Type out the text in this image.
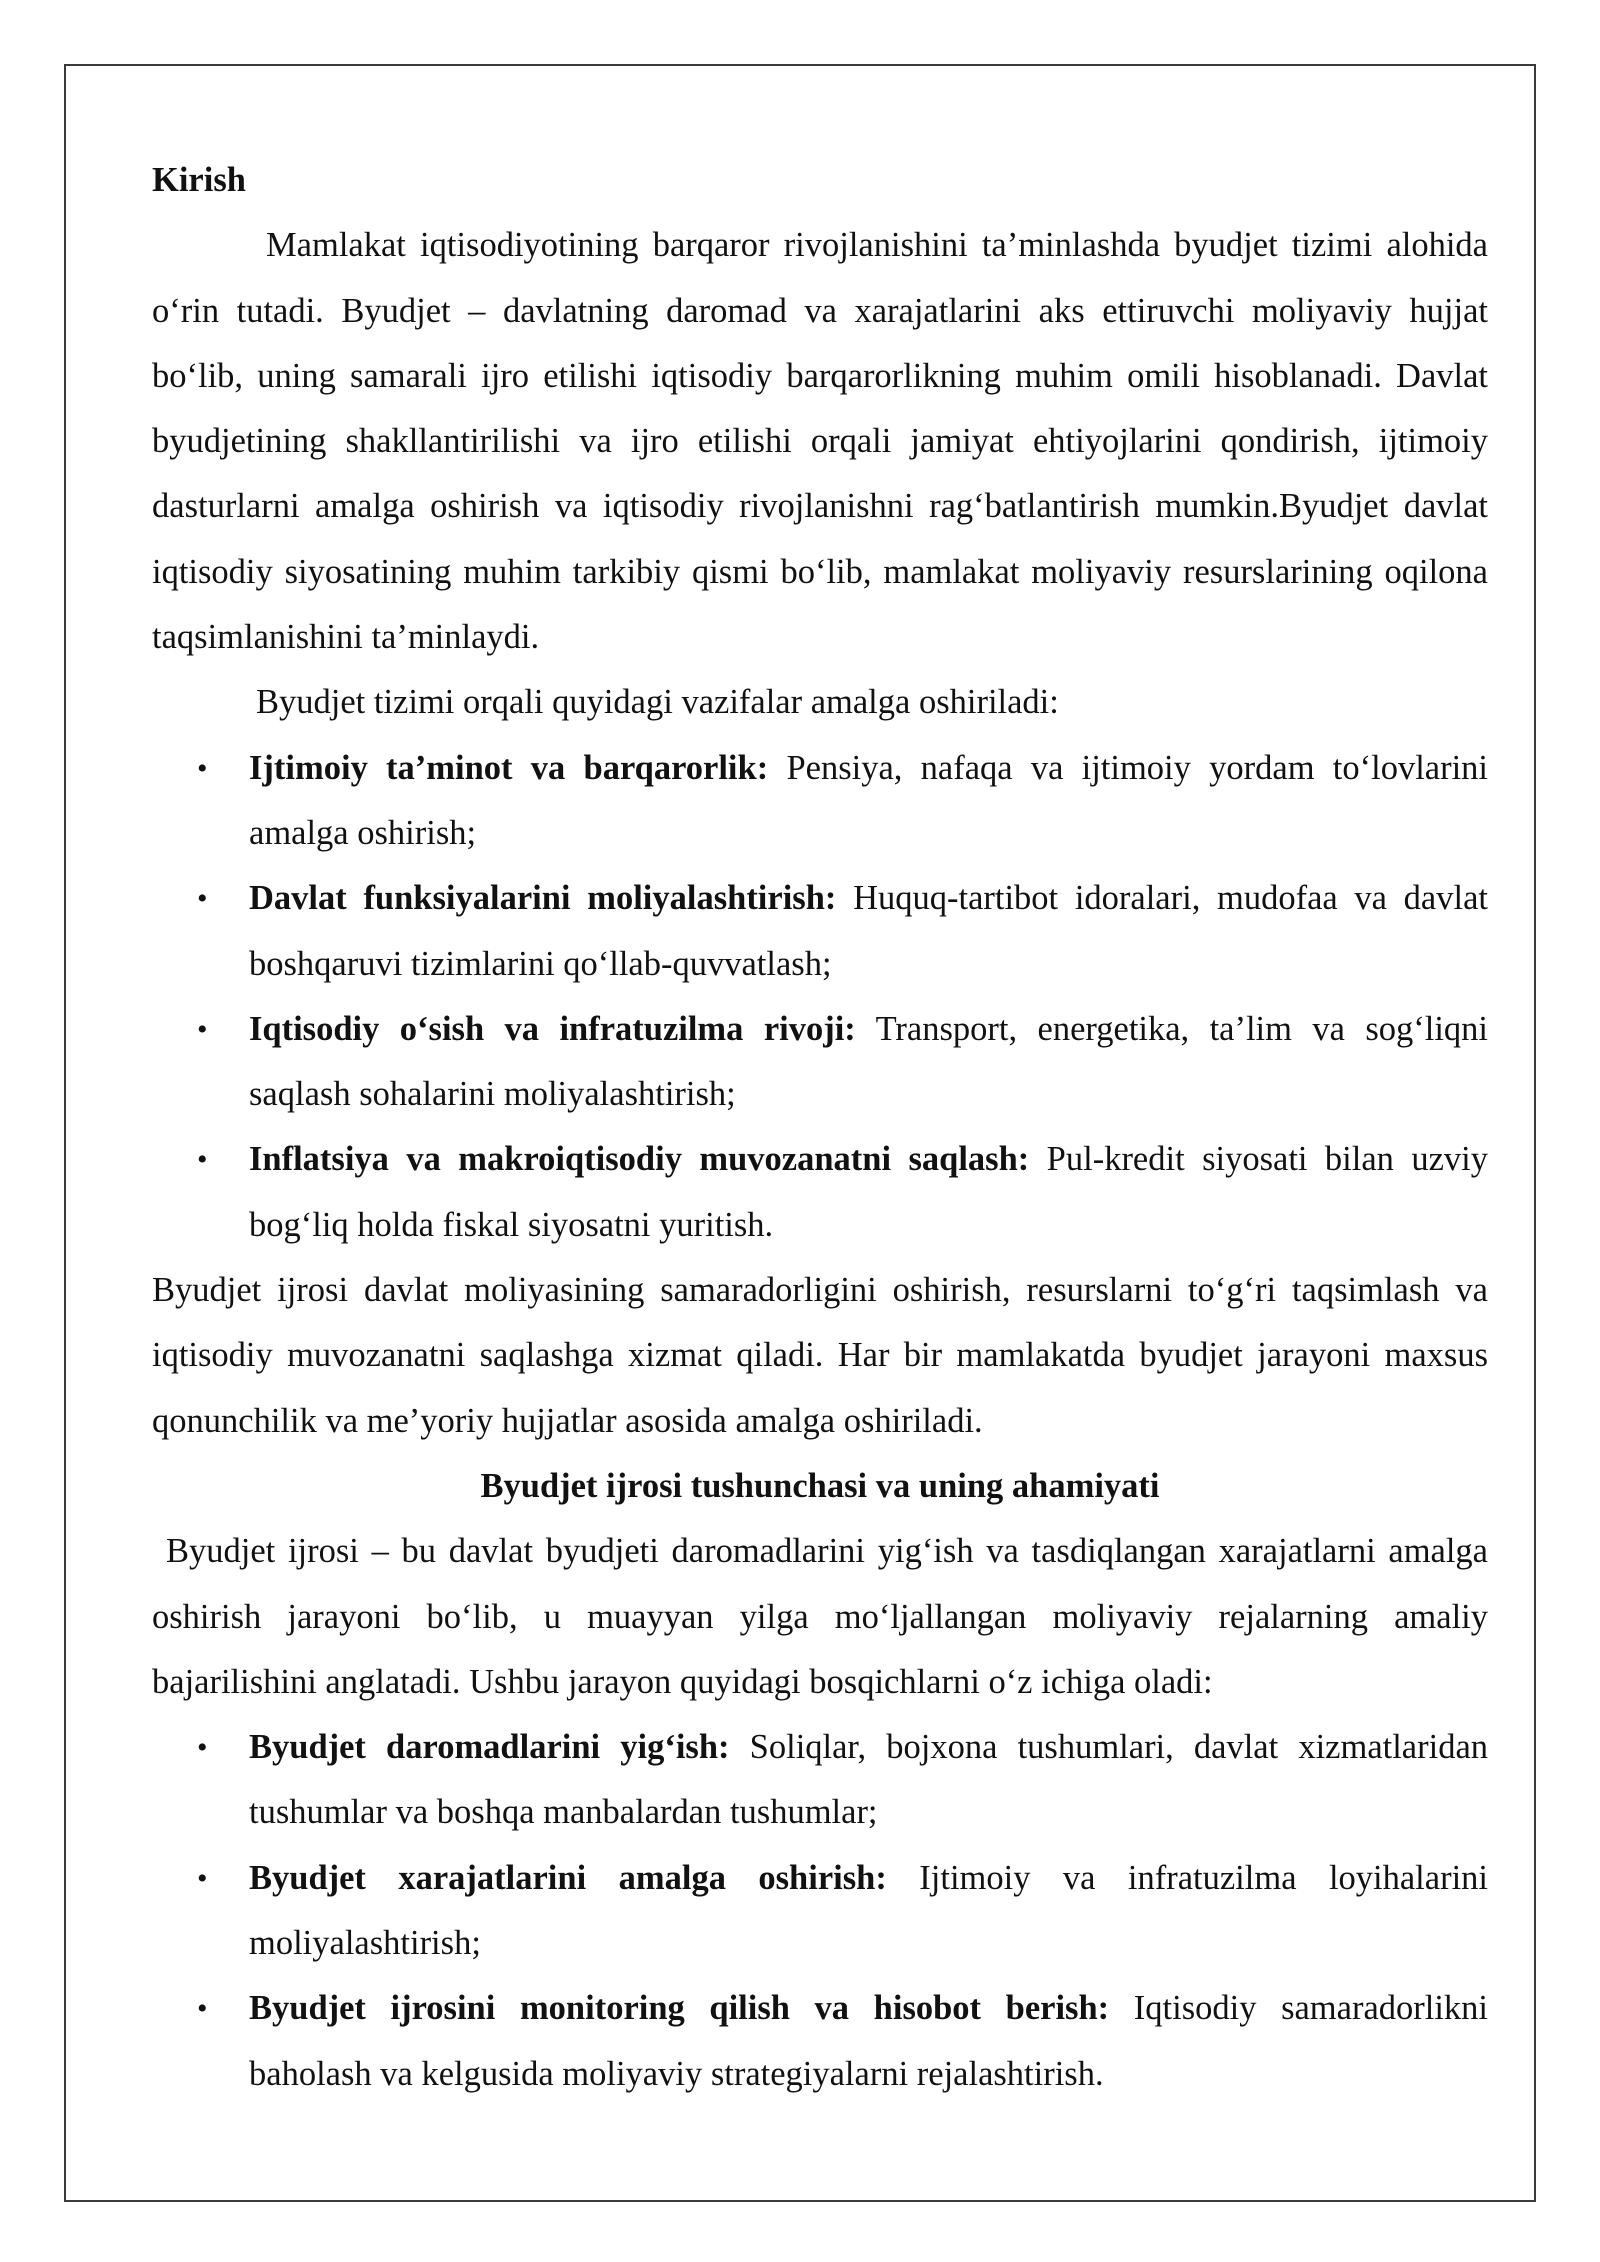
Kirish

Mamlakat iqtisodiyotining barqaror rivojlanishini ta’minlashda byudjet tizimi alohida o‘rin tutadi. Byudjet – davlatning daromad va xarajatlarini aks ettiruvchi moliyaviy hujjat bo‘lib, uning samarali ijro etilishi iqtisodiy barqarorlikning muhim omili hisoblanadi. Davlat byudjetining shakllantirilishi va ijro etilishi orqali jamiyat ehtiyojlarini qondirish, ijtimoiy dasturlarni amalga oshirish va iqtisodiy rivojlanishni rag‘batlantirish mumkin.Byudjet davlat iqtisodiy siyosatining muhim tarkibiy qismi bo‘lib, mamlakat moliyaviy resurslarining oqilona taqsimlanishini ta’minlaydi.

Byudjet tizimi orqali quyidagi vazifalar amalga oshiriladi:

• Ijtimoiy ta’minot va barqarorlik: Pensiya, nafaqa va ijtimoiy yordam to‘lovlarini amalga oshirish;
• Davlat funksiyalarini moliyalashtirish: Huquq-tartibot idoralari, mudofaa va davlat boshqaruvi tizimlarini qo‘llab-quvvatlash;
• Iqtisodiy o‘sish va infratuzilma rivoji: Transport, energetika, ta’lim va sog‘liqni saqlash sohalarini moliyalashtirish;
• Inflatsiya va makroiqtisodiy muvozanatni saqlash: Pul-kredit siyosati bilan uzviy bog‘liq holda fiskal siyosatni yuritish.

Byudjet ijrosi davlat moliyasining samaradorligini oshirish, resurslarni to‘g‘ri taqsimlash va iqtisodiy muvozanatni saqlashga xizmat qiladi. Har bir mamlakatda byudjet jarayoni maxsus qonunchilik va me’yoriy hujjatlar asosida amalga oshiriladi.

Byudjet ijrosi tushunchasi va uning ahamiyati

Byudjet ijrosi – bu davlat byudjeti daromadlarini yig‘ish va tasdiqlangan xarajatlarni amalga oshirish jarayoni bo‘lib, u muayyan yilga mo‘ljallangan moliyaviy rejalarning amaliy bajarilishini anglatadi. Ushbu jarayon quyidagi bosqichlarni o‘z ichiga oladi:

• Byudjet daromadlarini yig‘ish: Soliqlar, bojxona tushumlari, davlat xizmatlaridan tushumlar va boshqa manbalardan tushumlar;
• Byudjet xarajatlarini amalga oshirish: Ijtimoiy va infratuzilma loyihalarini moliyalashtirish;
• Byudjet ijrosini monitoring qilish va hisobot berish: Iqtisodiy samaradorlikni baholash va kelgusida moliyaviy strategiyalarni rejalashtirish.
